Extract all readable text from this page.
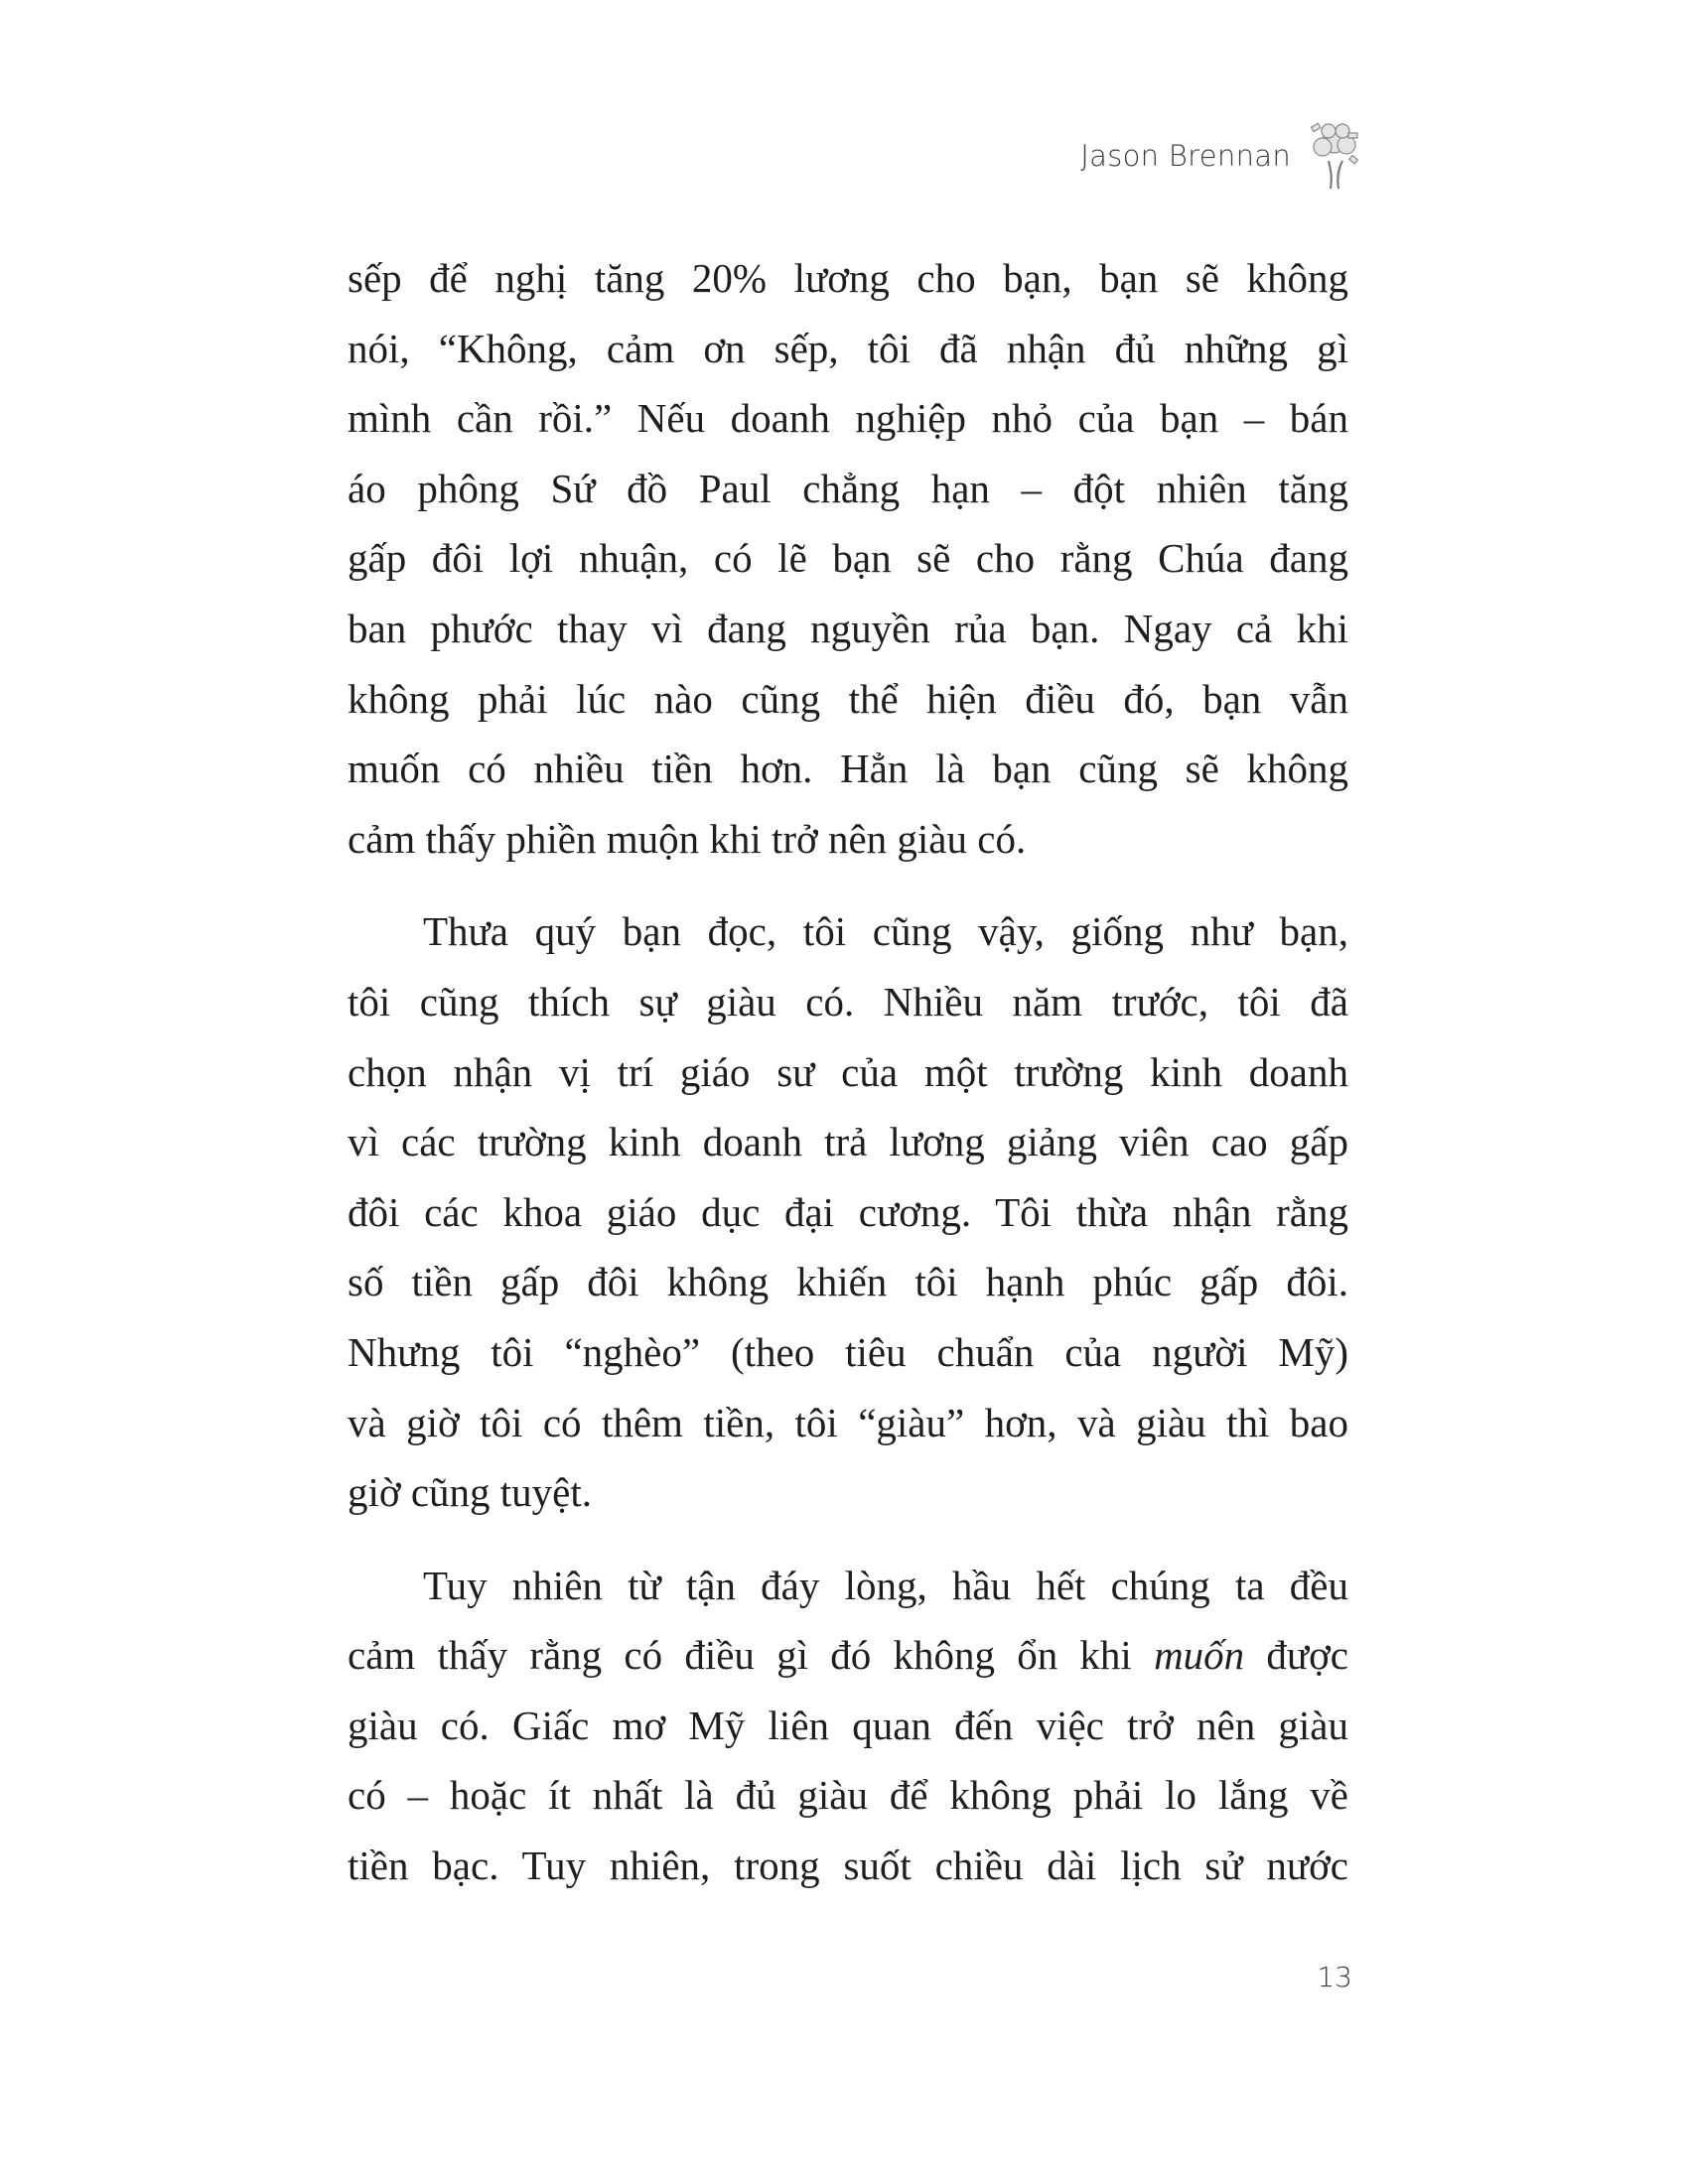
Jason Brennan
sếp để nghị tăng 20% lương cho bạn, bạn sẽ không
nói, “Không, cảm ơn sếp, tôi đã nhận đủ những gì
mình cần rồi.” Nếu doanh nghiệp nhỏ của bạn – bán
áo phông Sứ đồ Paul chẳng hạn – đột nhiên tăng
gấp đôi lợi nhuận, có lẽ bạn sẽ cho rằng Chúa đang
ban phước thay vì đang nguyền rủa bạn. Ngay cả khi
không phải lúc nào cũng thể hiện điều đó, bạn vẫn
muốn có nhiều tiền hơn. Hẳn là bạn cũng sẽ không
cảm thấy phiền muộn khi trở nên giàu có.
Thưa quý bạn đọc, tôi cũng vậy, giống như bạn,
tôi cũng thích sự giàu có. Nhiều năm trước, tôi đã
chọn nhận vị trí giáo sư của một trường kinh doanh
vì các trường kinh doanh trả lương giảng viên cao gấp
đôi các khoa giáo dục đại cương. Tôi thừa nhận rằng
số tiền gấp đôi không khiến tôi hạnh phúc gấp đôi.
Nhưng tôi “nghèo” (theo tiêu chuẩn của người Mỹ)
và giờ tôi có thêm tiền, tôi “giàu” hơn, và giàu thì bao
giờ cũng tuyệt.
Tuy nhiên từ tận đáy lòng, hầu hết chúng ta đều
cảm thấy rằng có điều gì đó không ổn khi muốn được
giàu có. Giấc mơ Mỹ liên quan đến việc trở nên giàu
có – hoặc ít nhất là đủ giàu để không phải lo lắng về
tiền bạc. Tuy nhiên, trong suốt chiều dài lịch sử nước
13
